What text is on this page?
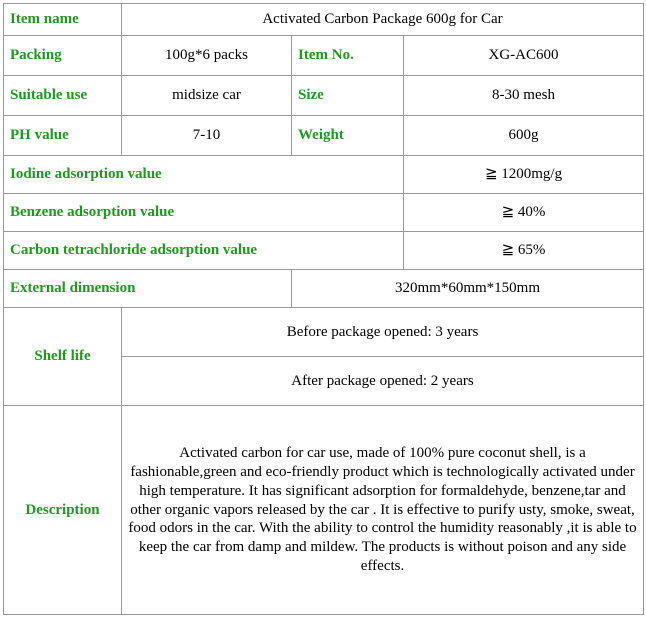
Item name	Activated Carbon Package 600g for Car		
Packing	100g*6 packs	Item No.	XG-AC600
Suitable use	midsize car	Size	8-30 mesh
PH value	7-10	Weight	600g
Iodine adsorption value			≧ 1200mg/g
Benzene adsorption value			≧ 40%
Carbon tetrachloride adsorption value			≧ 65%
External dimension		320mm*60mm*150mm	
Shelf life	Before package opened: 3 years		
	After package opened: 2 years		
Description	Activated carbon for car use, made of 100% pure coconut shell, is a fashionable,green and eco-friendly product which is technologically activated under high temperature. It has significant adsorption for formaldehyde, benzene,tar and other organic vapors released by the car . It is effective to purify usty, smoke, sweat, food odors in the car. With the ability to control the humidity reasonably ,it is able to keep the car from damp and mildew. The products is without poison and any side effects.		
